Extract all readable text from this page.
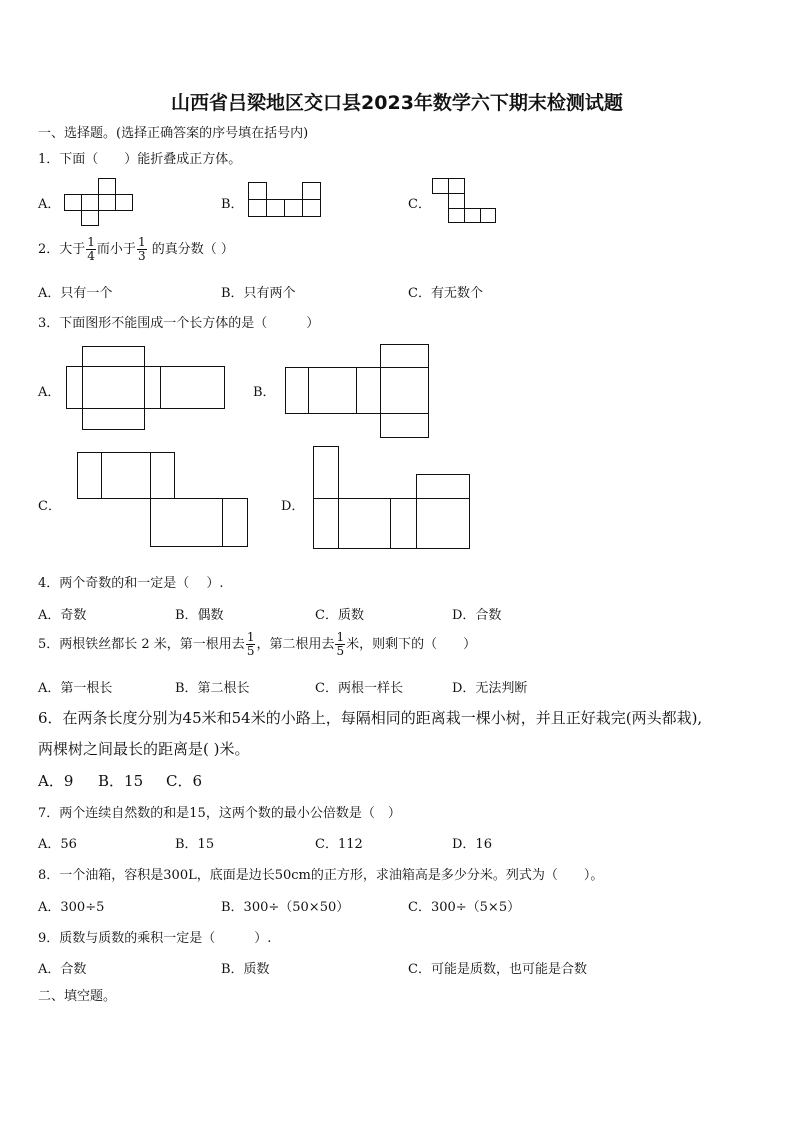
山西省吕梁地区交口县2023年数学六下期末检测试题
一、选择题。(选择正确答案的序号填在括号内)
1．下面（　　）能折叠成正方体。
A．	B．	C．
2．大于 $\frac{1}{4}$ 而小于 $\frac{1}{3}$ 的真分数（ ）
A．只有一个	B．只有两个	C．有无数个
3．下面图形不能围成一个长方体的是（　　　）
A．	B．
C．	D．
4．两个奇数的和一定是（　 ）.
A．奇数	B．偶数	C．质数	D．合数
5．两根铁丝都长 2 米，第一根用去 $\frac{1}{5}$ ，第二根用去 $\frac{1}{5}$ 米，则剩下的（　　）
A．第一根长	B．第二根长	C．两根一样长	D．无法判断
6．在两条长度分别为45米和54米的小路上，每隔相同的距离栽一棵小树，并且正好栽完(两头都栽),
两棵树之间最长的距离是( )米。
A．9 B．15 C．6
7．两个连续自然数的和是15，这两个数的最小公倍数是（　）
A．56	B．15	C．112	D．16
8．一个油箱，容积是300L，底面是边长50cm的正方形，求油箱高是多少分米。列式为（　　）。
A．300÷5	B．300÷（50×50）	C．300÷（5×5）
9．质数与质数的乘积一定是（　　　）.
A．合数	B．质数	C．可能是质数，也可能是合数
二、填空题。
